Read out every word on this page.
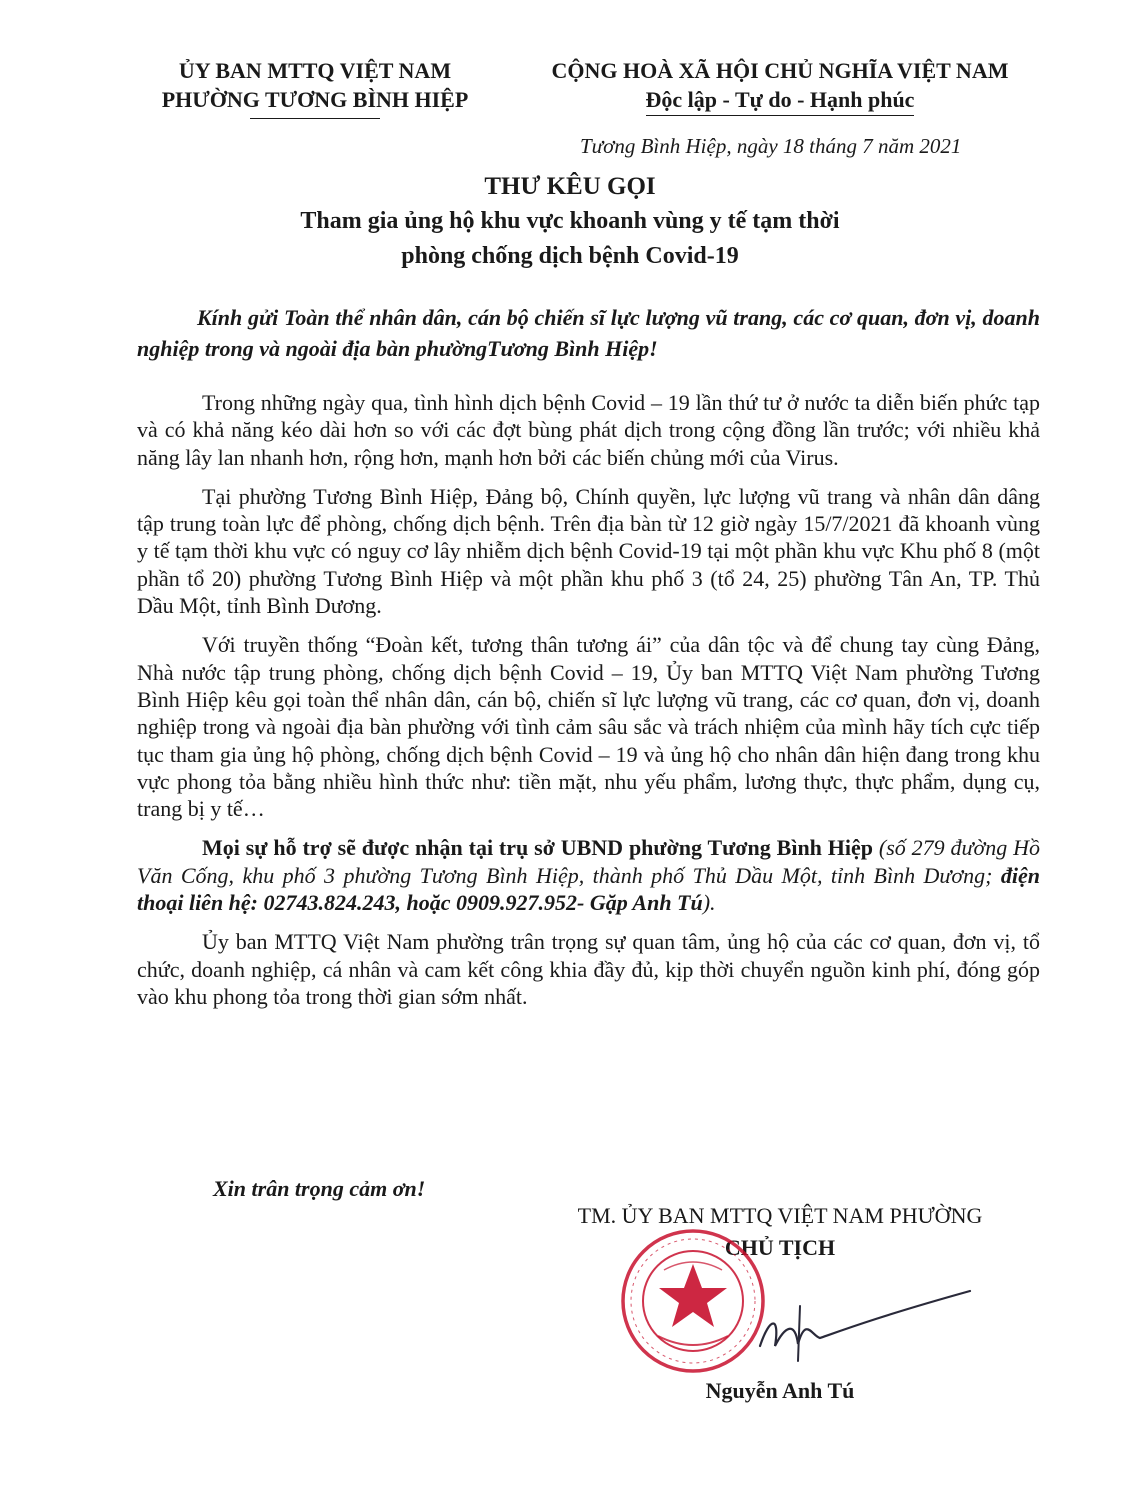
ỦY BAN MTTQ VIỆT NAM
PHƯỜNG TƯƠNG BÌNH HIỆP
CỘNG HOÀ XÃ HỘI CHỦ NGHĨA VIỆT NAM
Độc lập - Tự do - Hạnh phúc
Tương Bình Hiệp, ngày 18 tháng 7 năm 2021
THƯ KÊU GỌI
Tham gia ủng hộ khu vực khoanh vùng y tế tạm thời
phòng chống dịch bệnh Covid-19
Kính gửi Toàn thể nhân dân, cán bộ chiến sĩ lực lượng vũ trang, các cơ quan, đơn vị, doanh nghiệp trong và ngoài địa bàn phườngTương Bình Hiệp!

Trong những ngày qua, tình hình dịch bệnh Covid – 19 lần thứ tư ở nước ta diễn biến phức tạp và có khả năng kéo dài hơn so với các đợt bùng phát dịch trong cộng đồng lần trước; với nhiều khả năng lây lan nhanh hơn, rộng hơn, mạnh hơn bởi các biến chủng mới của Virus.

Tại phường Tương Bình Hiệp, Đảng bộ, Chính quyền, lực lượng vũ trang và nhân dân dâng tập trung toàn lực để phòng, chống dịch bệnh. Trên địa bàn từ 12 giờ ngày 15/7/2021 đã khoanh vùng y tế tạm thời khu vực có nguy cơ lây nhiễm dịch bệnh Covid-19 tại một phần khu vực Khu phố 8 (một phần tổ 20) phường Tương Bình Hiệp và một phần khu phố 3 (tổ 24, 25) phường Tân An, TP. Thủ Dầu Một, tỉnh Bình Dương.

Với truyền thống “Đoàn kết, tương thân tương ái” của dân tộc và để chung tay cùng Đảng, Nhà nước tập trung phòng, chống dịch bệnh Covid – 19, Ủy ban MTTQ Việt Nam phường Tương Bình Hiệp kêu gọi toàn thể nhân dân, cán bộ, chiến sĩ lực lượng vũ trang, các cơ quan, đơn vị, doanh nghiệp trong và ngoài địa bàn phường với tình cảm sâu sắc và trách nhiệm của mình hãy tích cực tiếp tục tham gia ủng hộ phòng, chống dịch bệnh Covid – 19 và ủng hộ cho nhân dân hiện đang trong khu vực phong tỏa bằng nhiều hình thức như: tiền mặt, nhu yếu phẩm, lương thực, thực phẩm, dụng cụ, trang bị y tế…

Mọi sự hỗ trợ sẽ được nhận tại trụ sở UBND phường Tương Bình Hiệp (số 279 đường Hồ Văn Cống, khu phố 3 phường Tương Bình Hiệp, thành phố Thủ Dầu Một, tỉnh Bình Dương; điện thoại liên hệ: 02743.824.243, hoặc 0909.927.952- Gặp Anh Tú).

Ủy ban MTTQ Việt Nam phường trân trọng sự quan tâm, ủng hộ của các cơ quan, đơn vị, tổ chức, doanh nghiệp, cá nhân và cam kết công khia đầy đủ, kịp thời chuyển nguồn kinh phí, đóng góp vào khu phong tỏa trong thời gian sớm nhất.

Xin trân trọng cảm ơn!
TM. ỦY BAN MTTQ VIỆT NAM PHƯỜNG
CHỦ TỊCH
Nguyễn Anh Tú
